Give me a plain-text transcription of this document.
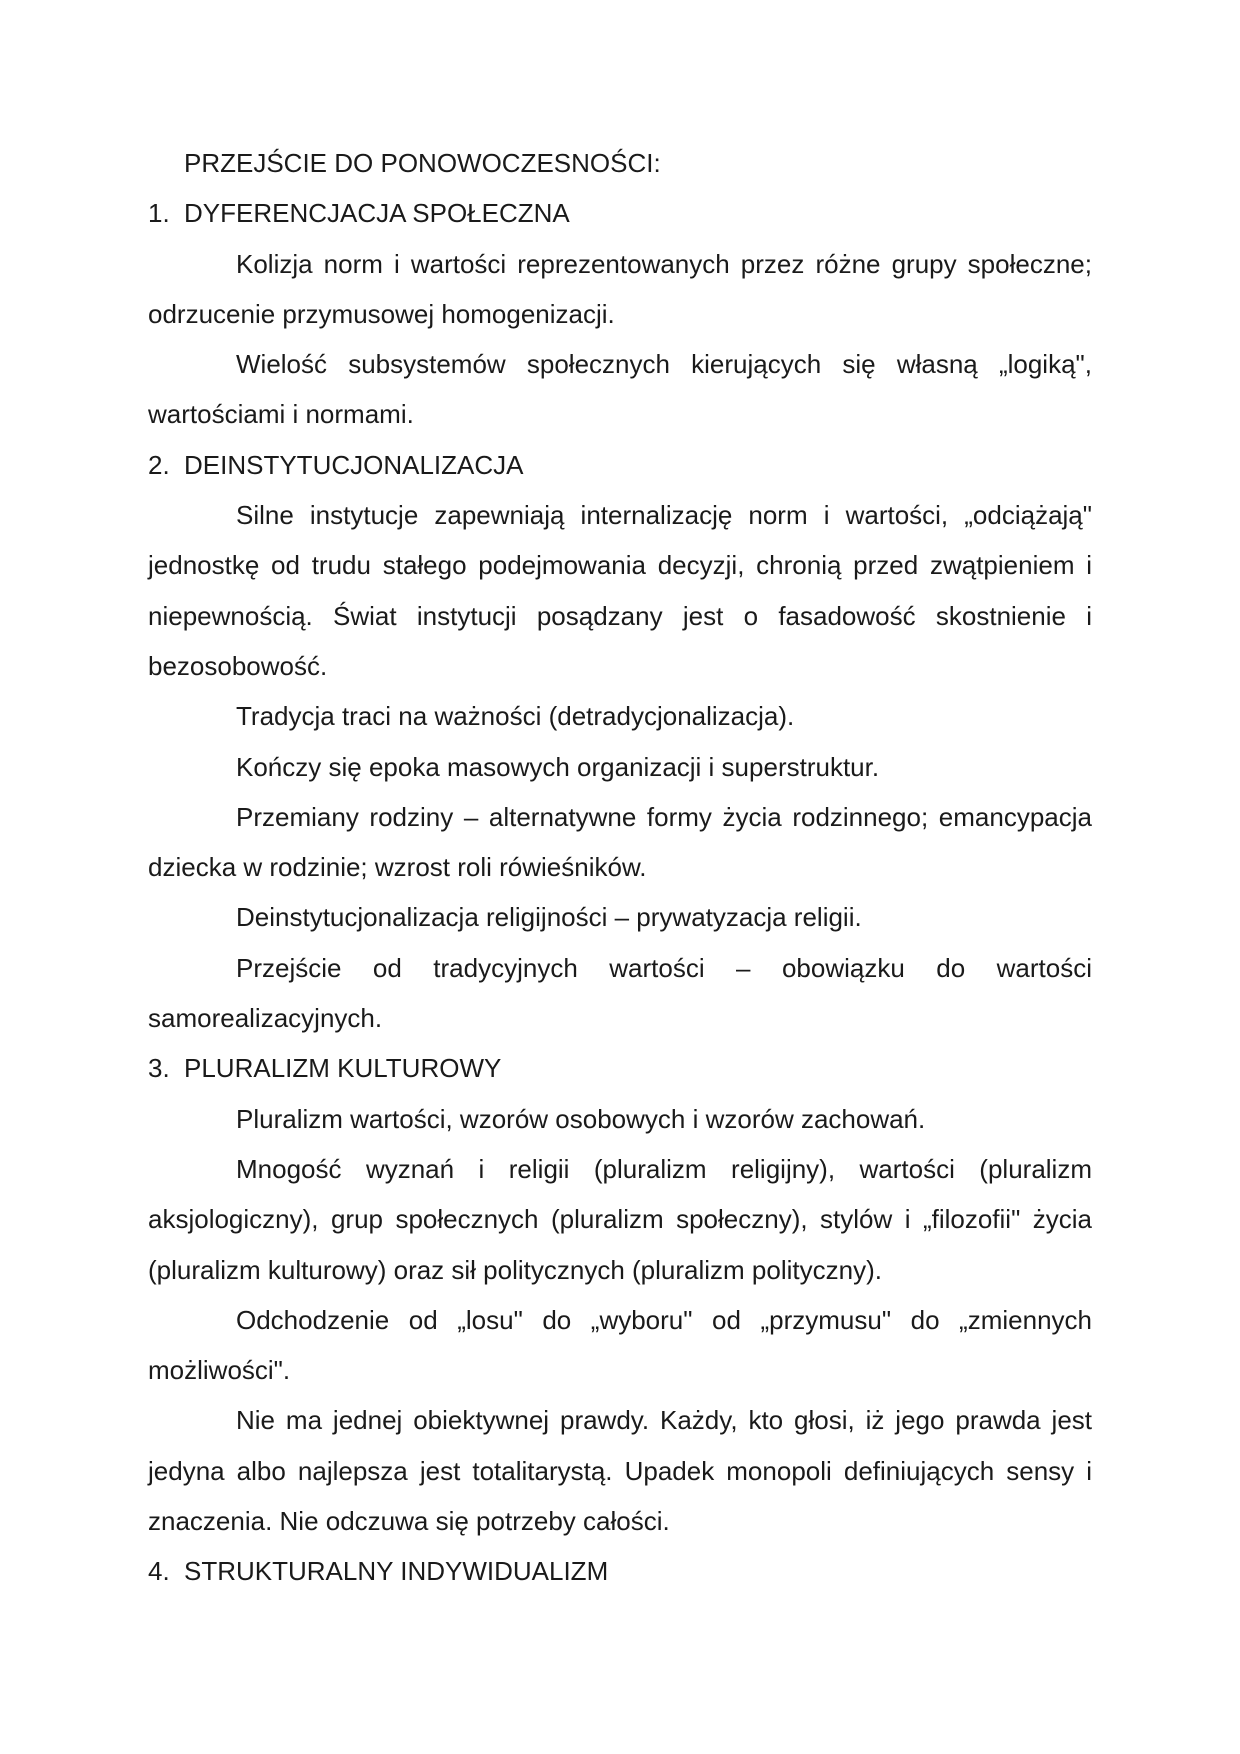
PRZEJŚCIE DO PONOWOCZESNOŚCI:
1. DYFERENCJACJA SPOŁECZNA

Kolizja norm i wartości reprezentowanych przez różne grupy społeczne; odrzucenie przymusowej homogenizacji.

Wielość subsystemów społecznych kierujących się własną „logiką", wartościami i normami.

2. DEINSTYTUCJONALIZACJA

Silne instytucje zapewniają internalizację norm i wartości, „odciążają" jednostkę od trudu stałego podejmowania decyzji, chronią przed zwątpieniem i niepewnością. Świat instytucji posądzany jest o fasadowość skostnienie i bezosobowość.

Tradycja traci na ważności (detradycjonalizacja).

Kończy się epoka masowych organizacji i superstruktur.

Przemiany rodziny – alternatywne formy życia rodzinnego; emancypacja dziecka w rodzinie; wzrost roli rówieśników.

Deinstytucjonalizacja religijności – prywatyzacja religii.

Przejście od tradycyjnych wartości – obowiązku do wartości samorealizacyjnych.

3. PLURALIZM KULTUROWY

Pluralizm wartości, wzorów osobowych i wzorów zachowań.

Mnogość wyznań i religii (pluralizm religijny), wartości (pluralizm aksjologiczny), grup społecznych (pluralizm społeczny), stylów i „filozofii" życia (pluralizm kulturowy) oraz sił politycznych (pluralizm polityczny).

Odchodzenie od „losu" do „wyboru" od „przymusu" do „zmiennych możliwości".

Nie ma jednej obiektywnej prawdy. Każdy, kto głosi, iż jego prawda jest jedyna albo najlepsza jest totalitarystą. Upadek monopoli definiujących sensy i znaczenia. Nie odczuwa się potrzeby całości.

4. STRUKTURALNY INDYWIDUALIZM
